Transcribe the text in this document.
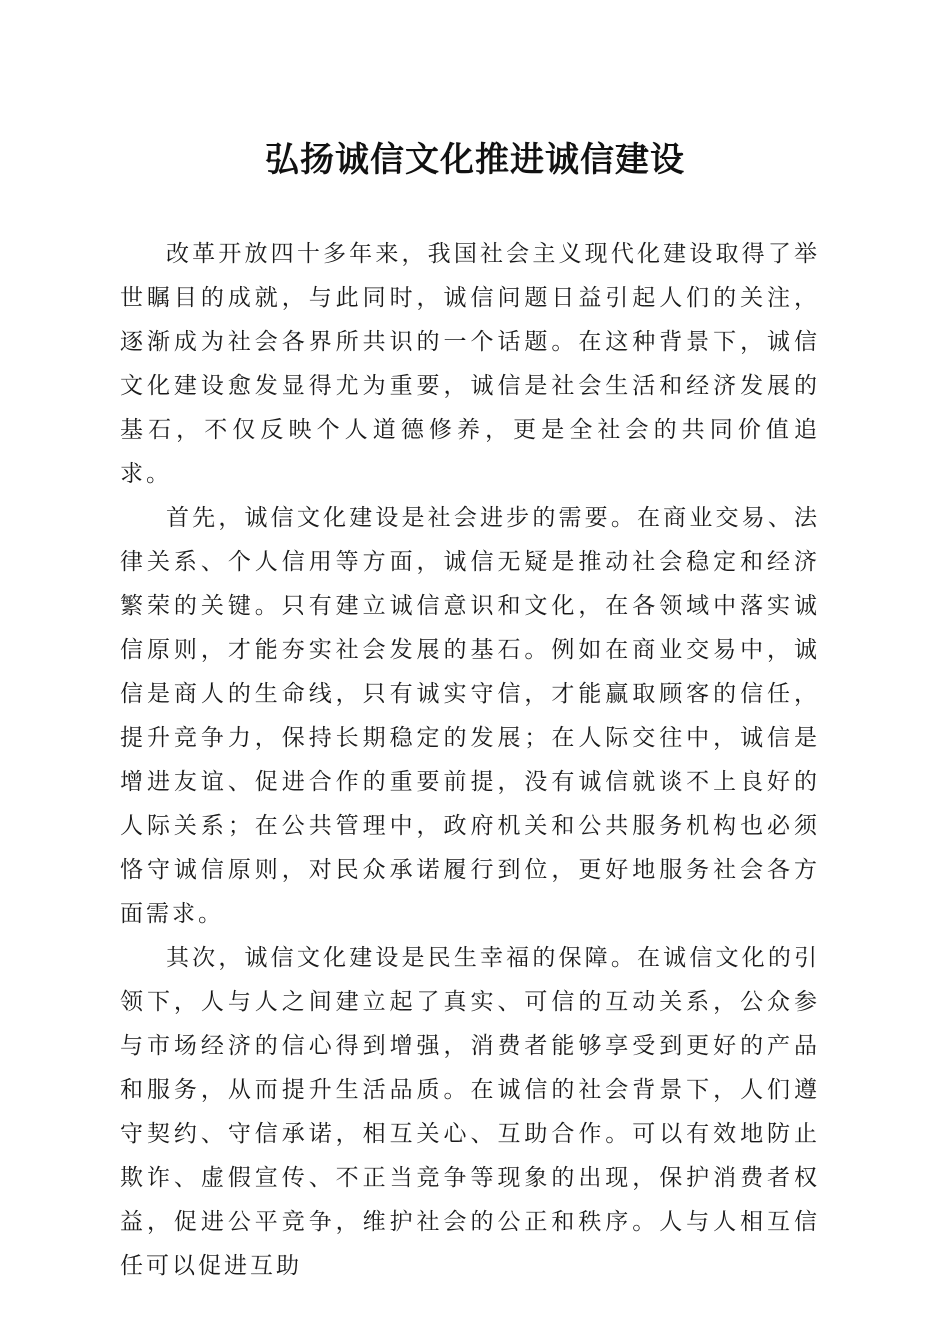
弘扬诚信文化推进诚信建设

改革开放四十多年来，我国社会主义现代化建设取得了举世瞩目的成就，与此同时，诚信问题日益引起人们的关注，逐渐成为社会各界所共识的一个话题。在这种背景下，诚信文化建设愈发显得尤为重要，诚信是社会生活和经济发展的基石，不仅反映个人道德修养，更是全社会的共同价值追求。

首先，诚信文化建设是社会进步的需要。在商业交易、法律关系、个人信用等方面，诚信无疑是推动社会稳定和经济繁荣的关键。只有建立诚信意识和文化，在各领域中落实诚信原则，才能夯实社会发展的基石。例如在商业交易中，诚信是商人的生命线，只有诚实守信，才能赢取顾客的信任，提升竞争力，保持长期稳定的发展；在人际交往中，诚信是增进友谊、促进合作的重要前提，没有诚信就谈不上良好的人际关系；在公共管理中，政府机关和公共服务机构也必须恪守诚信原则，对民众承诺履行到位，更好地服务社会各方面需求。

其次，诚信文化建设是民生幸福的保障。在诚信文化的引领下，人与人之间建立起了真实、可信的互动关系，公众参与市场经济的信心得到增强，消费者能够享受到更好的产品和服务，从而提升生活品质。在诚信的社会背景下，人们遵守契约、守信承诺，相互关心、互助合作。可以有效地防止欺诈、虚假宣传、不正当竞争等现象的出现，保护消费者权益，促进公平竞争，维护社会的公正和秩序。人与人相互信任可以促进互助
